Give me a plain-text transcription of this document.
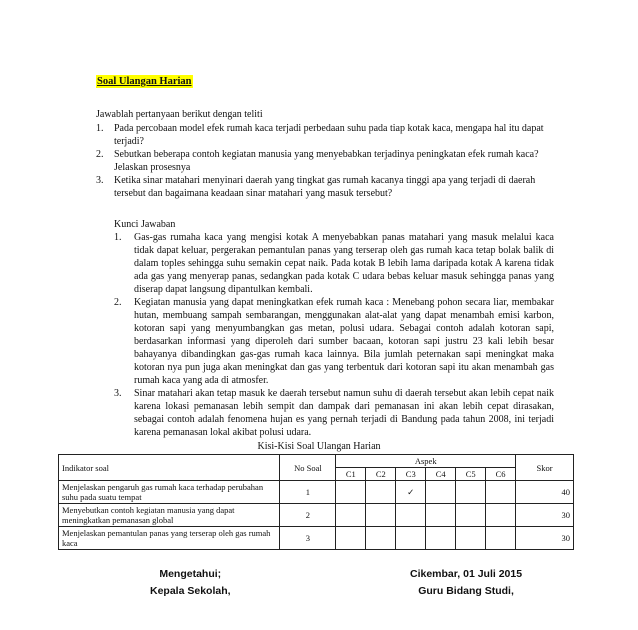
Soal Ulangan Harian
Jawablah pertanyaan berikut dengan teliti
1.	Pada percobaan model efek rumah kaca terjadi perbedaan suhu pada tiap kotak kaca, mengapa hal itu dapat terjadi?
2.	Sebutkan beberapa contoh kegiatan manusia yang menyebabkan terjadinya peningkatan efek rumah kaca? Jelaskan prosesnya
3.	Ketika sinar matahari menyinari daerah yang tingkat gas rumah kacanya tinggi apa yang terjadi di daerah tersebut dan bagaimana keadaan sinar matahari yang masuk tersebut?
Kunci Jawaban
1.	Gas-gas rumaha kaca yang mengisi kotak A menyebabkan panas matahari yang masuk melalui kaca tidak dapat keluar, pergerakan pemantulan panas yang terserap oleh gas rumah kaca tetap bolak balik di dalam toples sehingga suhu semakin cepat naik. Pada kotak B lebih lama daripada kotak A karena tidak ada gas yang menyerap panas, sedangkan pada kotak C udara bebas keluar masuk sehingga panas yang diserap dapat langsung dipantulkan kembali.
2.	Kegiatan manusia yang dapat meningkatkan efek rumah kaca : Menebang pohon secara liar, membakar hutan, membuang sampah sembarangan, menggunakan alat-alat yang dapat menambah emisi karbon, kotoran sapi yang menyumbangkan gas metan, polusi udara. Sebagai contoh adalah kotoran sapi, berdasarkan informasi yang diperoleh dari sumber bacaan, kotoran sapi justru 23 kali lebih besar bahayanya dibandingkan gas-gas rumah kaca lainnya. Bila jumlah peternakan sapi meningkat maka kotoran nya pun juga akan meningkat dan gas yang terbentuk dari kotoran sapi itu akan menambah gas rumah kaca yang ada di atmosfer.
3.	Sinar matahari akan tetap masuk ke daerah tersebut namun suhu di daerah tersebut akan lebih cepat naik karena lokasi pemanasan lebih sempit dan dampak dari pemanasan ini akan lebih cepat dirasakan, sebagai contoh adalah fenomena hujan es yang pernah terjadi di Bandung pada tahun 2008, ini terjadi karena pemanasan lokal akibat polusi udara.
Kisi-Kisi Soal Ulangan Harian
Indikator soal	No Soal	Aspek						Skor
		C1	C2	C3	C4	C5	C6	
Menjelaskan pengaruh gas rumah kaca terhadap perubahan suhu pada suatu tempat	1			✓				40
Menyebutkan contoh kegiatan manusia yang dapat meningkatkan pemanasan global	2							30
Menjelaskan pemantulan panas yang terserap oleh gas rumah kaca	3							30
Mengetahui;
Kepala Sekolah,
Cikembar, 01 Juli 2015
Guru Bidang Studi,
